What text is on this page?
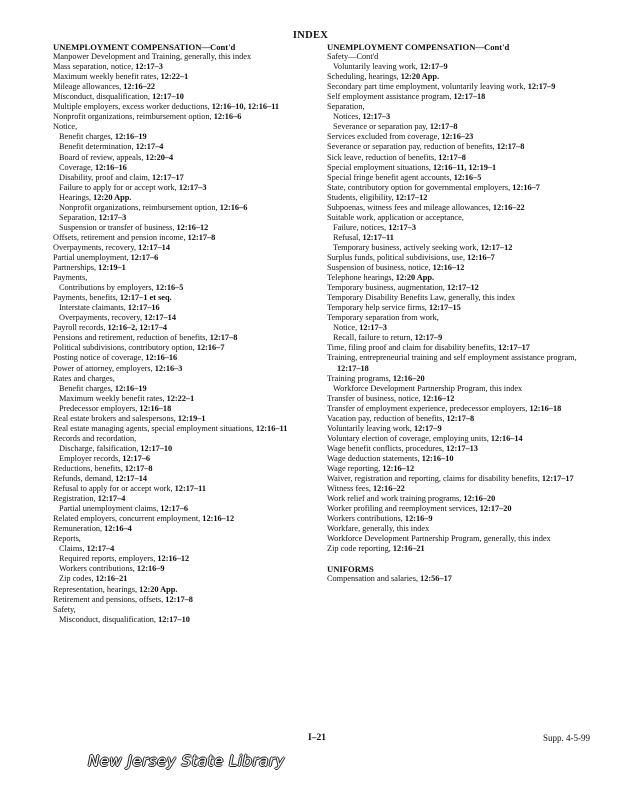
INDEX

UNEMPLOYMENT COMPENSATION—Cont'd

Manpower Development and Training, generally, this index

Mass separation, notice, 12:17–3

Maximum weekly benefit rates, 12:22–1

Mileage allowances, 12:16–22

Misconduct, disqualification, 12:17–10

Multiple employers, excess worker deductions, 12:16–10, 12:16–11

Nonprofit organizations, reimbursement option, 12:16–6

Notice,

Benefit charges, 12:16–19

Benefit determination, 12:17–4

Board of review, appeals, 12:20–4

Coverage, 12:16–16

Disability, proof and claim, 12:17–17

Failure to apply for or accept work, 12:17–3

Hearings, 12:20 App.

Nonprofit organizations, reimbursement option, 12:16–6

Separation, 12:17–3

Suspension or transfer of business, 12:16–12

Offsets, retirement and pension income, 12:17–8

Overpayments, recovery, 12:17–14

Partial unemployment, 12:17–6

Partnerships, 12:19–1

Payments,

Contributions by employers, 12:16–5

Payments, benefits, 12:17–1 et seq.

Interstate claimants, 12:17–16

Overpayments, recovery, 12:17–14

Payroll records, 12:16–2, 12:17–4

Pensions and retirement, reduction of benefits, 12:17–8

Political subdivisions, contributory option, 12:16–7

Posting notice of coverage, 12:16–16

Power of attorney, employers, 12:16–3

Rates and charges,

Benefit charges, 12:16–19

Maximum weekly benefit rates, 12:22–1

Predecessor employers, 12:16–18

Real estate brokers and salespersons, 12:19–1

Real estate managing agents, special employment situations, 12:16–11

Records and recordation,

Discharge, falsification, 12:17–10

Employer records, 12:17–6

Reductions, benefits, 12:17–8

Refunds, demand, 12:17–14

Refusal to apply for or accept work, 12:17–11

Registration, 12:17–4

Partial unemployment claims, 12:17–6

Related employers, concurrent employment, 12:16–12

Remuneration, 12:16–4

Reports,

Claims, 12:17–4

Required reports, employers, 12:16–12

Workers contributions, 12:16–9

Zip codes, 12:16–21

Representation, hearings, 12:20 App.

Retirement and pensions, offsets, 12:17–8

Safety,

Misconduct, disqualification, 12:17–10

UNEMPLOYMENT COMPENSATION—Cont'd

Safety—Cont'd

Voluntarily leaving work, 12:17–9

Scheduling, hearings, 12:20 App.

Secondary part time employment, voluntarily leaving work, 12:17–9

Self employment assistance program, 12:17–18

Separation,

Notices, 12:17–3

Severance or separation pay, 12:17–8

Services excluded from coverage, 12:16–23

Severance or separation pay, reduction of benefits, 12:17–8

Sick leave, reduction of benefits, 12:17–8

Special employment situations, 12:16–11, 12:19–1

Special fringe benefit agent accounts, 12:16–5

State, contributory option for governmental employers, 12:16–7

Students, eligibility, 12:17–12

Subpoenas, witness fees and mileage allowances, 12:16–22

Suitable work, application or acceptance,

Failure, notices, 12:17–3

Refusal, 12:17–11

Temporary business, actively seeking work, 12:17–12

Surplus funds, political subdivisions, use, 12:16–7

Suspension of business, notice, 12:16–12

Telephone hearings, 12:20 App.

Temporary business, augmentation, 12:17–12

Temporary Disability Benefits Law, generally, this index

Temporary help service firms, 12:17–15

Temporary separation from work,

Notice, 12:17–3

Recall, failure to return, 12:17–9

Time, filing proof and claim for disability benefits, 12:17–17

Training, entrepreneurial training and self employment assistance program, 12:17–18

Training programs, 12:16–20

Workforce Development Partnership Program, this index

Transfer of business, notice, 12:16–12

Transfer of employment experience, predecessor employers, 12:16–18

Vacation pay, reduction of benefits, 12:17–8

Voluntarily leaving work, 12:17–9

Voluntary election of coverage, employing units, 12:16–14

Wage benefit conflicts, procedures, 12:17–13

Wage deduction statements, 12:16–10

Wage reporting, 12:16–12

Waiver, registration and reporting, claims for disability benefits, 12:17–17

Witness fees, 12:16–22

Work relief and work training programs, 12:16–20

Worker profiling and reemployment services, 12:17–20

Workers contributions, 12:16–9

Workfare, generally, this index

Workforce Development Partnership Program, generally, this index

Zip code reporting, 12:16–21

UNIFORMS

Compensation and salaries, 12:56–17

I–21	Supp. 4-5-99
New Jersey State Library
